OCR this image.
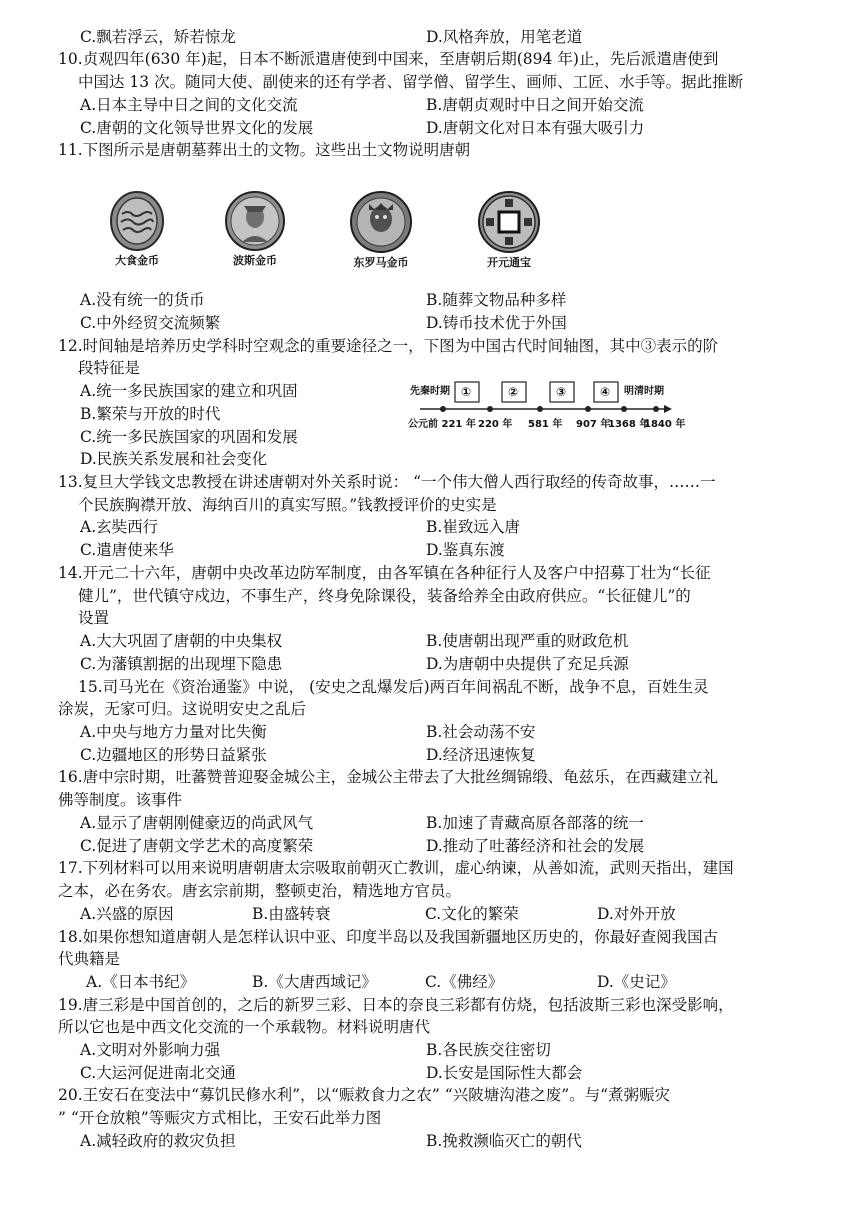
C.飘若浮云，矫若惊龙	D.风格奔放，用笔老道
10.贞观四年(630 年)起，日本不断派遣唐使到中国来，至唐朝后期(894 年)止，先后派遣唐使到
中国达 13 次。随同大使、副使来的还有学者、留学僧、留学生、画师、工匠、水手等。据此推断
A.日本主导中日之间的文化交流	B.唐朝贞观时中日之间开始交流
C.唐朝的文化领导世界文化的发展	D.唐朝文化对日本有强大吸引力
11.下图所示是唐朝墓葬出土的文物。这些出土文物说明唐朝
大食金币	波斯金币	东罗马金币	开元通宝
A.没有统一的货币	B.随葬文物品种多样
C.中外经贸交流频繁	D.铸币技术优于外国
12.时间轴是培养历史学科时空观念的重要途径之一，下图为中国古代时间轴图，其中③表示的阶
段特征是
A.统一多民族国家的建立和巩固
B.繁荣与开放的时代
C.统一多民族国家的巩固和发展
D.民族关系发展和社会变化
先秦时期	明清时期
①	②	③	④
公元前 221 年 220 年 581 年 907 年
1368 年
1840 年
13.复旦大学钱文忠教授在讲述唐朝对外关系时说： “一个伟大僧人西行取经的传奇故事，……一
个民族胸襟开放、海纳百川的真实写照。”钱教授评价的史实是
A.玄奘西行	B.崔致远入唐
C.遣唐使来华	D.鉴真东渡
14.开元二十六年，唐朝中央改革边防军制度，由各军镇在各种征行人及客户中招募丁壮为“长征
健儿”，世代镇守戍边，不事生产，终身免除课役，装备给养全由政府供应。“长征健儿”的
设置
A.大大巩固了唐朝的中央集权	B.使唐朝出现严重的财政危机
C.为藩镇割据的出现埋下隐患	D.为唐朝中央提供了充足兵源
15.司马光在《资治通鉴》中说， (安史之乱爆发后)两百年间祸乱不断，战争不息，百姓生灵
涂炭，无家可归。这说明安史之乱后
A.中央与地方力量对比失衡	B.社会动荡不安
C.边疆地区的形势日益紧张	D.经济迅速恢复
16.唐中宗时期，吐蕃赞普迎娶金城公主，金城公主带去了大批丝绸锦缎、龟兹乐，在西藏建立礼
佛等制度。该事件
A.显示了唐朝刚健豪迈的尚武风气	B.加速了青藏高原各部落的统一
C.促进了唐朝文学艺术的高度繁荣	D.推动了吐蕃经济和社会的发展
17.下列材料可以用来说明唐朝唐太宗吸取前朝灭亡教训，虚心纳谏，从善如流，武则天指出，建国
之本，必在务农。唐玄宗前期，整顿吏治，精选地方官员。
A.兴盛的原因	B.由盛转衰	C.文化的繁荣	D.对外开放
18.如果你想知道唐朝人是怎样认识中亚、印度半岛以及我国新疆地区历史的，你最好查阅我国古
代典籍是
A.《日本书纪》	B.《大唐西域记》	C.《佛经》	D.《史记》
19.唐三彩是中国首创的，之后的新罗三彩、日本的奈良三彩都有仿烧，包括波斯三彩也深受影响，
所以它也是中西文化交流的一个承载物。材料说明唐代
A.文明对外影响力强	B.各民族交往密切
C.大运河促进南北交通	D.长安是国际性大都会
20.王安石在变法中“募饥民修水利”，以“赈救食力之农” “兴陂塘沟港之废”。与“煮粥赈灾
” “开仓放粮”等赈灾方式相比，王安石此举力图
A.减轻政府的救灾负担	B.挽救濒临灭亡的朝代
